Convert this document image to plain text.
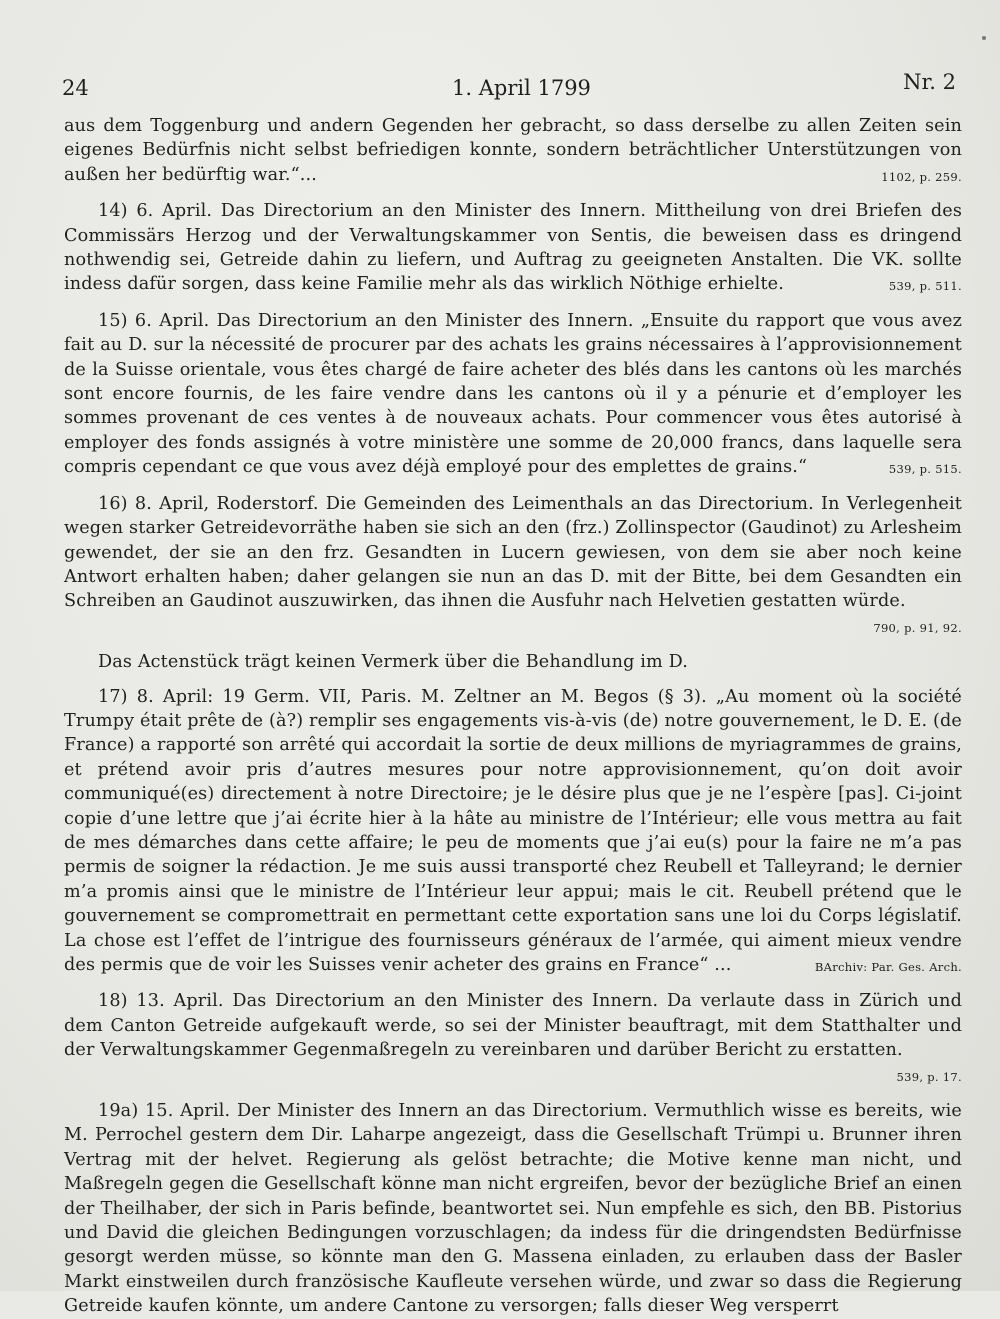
24	1. April 1799	Nr. 2

aus dem Toggenburg und andern Gegenden her gebracht, so dass derselbe zu allen Zeiten sein eigenes Bedürfnis nicht selbst befriedigen konnte, sondern beträchtlicher Unterstützungen von außen her bedürftig war.“...	1102, p. 259.

14) 6. April. Das Directorium an den Minister des Innern. Mittheilung von drei Briefen des Commissärs Herzog und der Verwaltungskammer von Sentis, die beweisen dass es dringend nothwendig sei, Getreide dahin zu liefern, und Auftrag zu geeigneten Anstalten. Die VK. sollte indess dafür sorgen, dass keine Familie mehr als das wirklich Nöthige erhielte.	539, p. 511.

15) 6. April. Das Directorium an den Minister des Innern. „Ensuite du rapport que vous avez fait au D. sur la nécessité de procurer par des achats les grains nécessaires à l’approvisionnement de la Suisse orientale, vous êtes chargé de faire acheter des blés dans les cantons où les marchés sont encore fournis, de les faire vendre dans les cantons où il y a pénurie et d’employer les sommes provenant de ces ventes à de nouveaux achats. Pour commencer vous êtes autorisé à employer des fonds assignés à votre ministère une somme de 20,000 francs, dans laquelle sera compris cependant ce que vous avez déjà employé pour des emplettes de grains.“	539, p. 515.

16) 8. April, Roderstorf. Die Gemeinden des Leimenthals an das Directorium. In Verlegenheit wegen starker Getreidevorräthe haben sie sich an den (frz.) Zollinspector (Gaudinot) zu Arlesheim gewendet, der sie an den frz. Gesandten in Lucern gewiesen, von dem sie aber noch keine Antwort erhalten haben; daher gelangen sie nun an das D. mit der Bitte, bei dem Gesandten ein Schreiben an Gaudinot auszuwirken, das ihnen die Ausfuhr nach Helvetien gestatten würde.
790, p. 91, 92.

Das Actenstück trägt keinen Vermerk über die Behandlung im D.

17) 8. April: 19 Germ. VII, Paris. M. Zeltner an M. Begos (§ 3). „Au moment où la société Trumpy était prête de (à?) remplir ses engagements vis-à-vis (de) notre gouvernement, le D. E. (de France) a rapporté son arrêté qui accordait la sortie de deux millions de myriagrammes de grains, et prétend avoir pris d’autres mesures pour notre approvisionnement, qu’on doit avoir communiqué(es) directement à notre Directoire; je le désire plus que je ne l’espère [pas]. Ci-joint copie d’une lettre que j’ai écrite hier à la hâte au ministre de l’Intérieur; elle vous mettra au fait de mes démarches dans cette affaire; le peu de moments que j’ai eu(s) pour la faire ne m’a pas permis de soigner la rédaction. Je me suis aussi transporté chez Reubell et Talleyrand; le dernier m’a promis ainsi que le ministre de l’Intérieur leur appui; mais le cit. Reubell prétend que le gouvernement se compromettrait en permettant cette exportation sans une loi du Corps législatif. La chose est l’effet de l’intrigue des fournisseurs généraux de l’armée, qui aiment mieux vendre des permis que de voir les Suisses venir acheter des grains en France“ ...	BArchiv: Par. Ges. Arch.

18) 13. April. Das Directorium an den Minister des Innern. Da verlaute dass in Zürich und dem Canton Getreide aufgekauft werde, so sei der Minister beauftragt, mit dem Statthalter und der Verwaltungskammer Gegenmaßregeln zu vereinbaren und darüber Bericht zu erstatten.
539, p. 17.

19a) 15. April. Der Minister des Innern an das Directorium. Vermuthlich wisse es bereits, wie M. Perrochel gestern dem Dir. Laharpe angezeigt, dass die Gesellschaft Trümpi u. Brunner ihren Vertrag mit der helvet. Regierung als gelöst betrachte; die Motive kenne man nicht, und Maßregeln gegen die Gesellschaft könne man nicht ergreifen, bevor der bezügliche Brief an einen der Theilhaber, der sich in Paris befinde, beantwortet sei. Nun empfehle es sich, den BB. Pistorius und David die gleichen Bedingungen vorzuschlagen; da indess für die dringendsten Bedürfnisse gesorgt werden müsse, so könnte man den G. Massena einladen, zu erlauben dass der Basler Markt einstweilen durch französische Kaufleute versehen würde, und zwar so dass die Regierung Getreide kaufen könnte, um andere Cantone zu versorgen; falls dieser Weg versperrt
